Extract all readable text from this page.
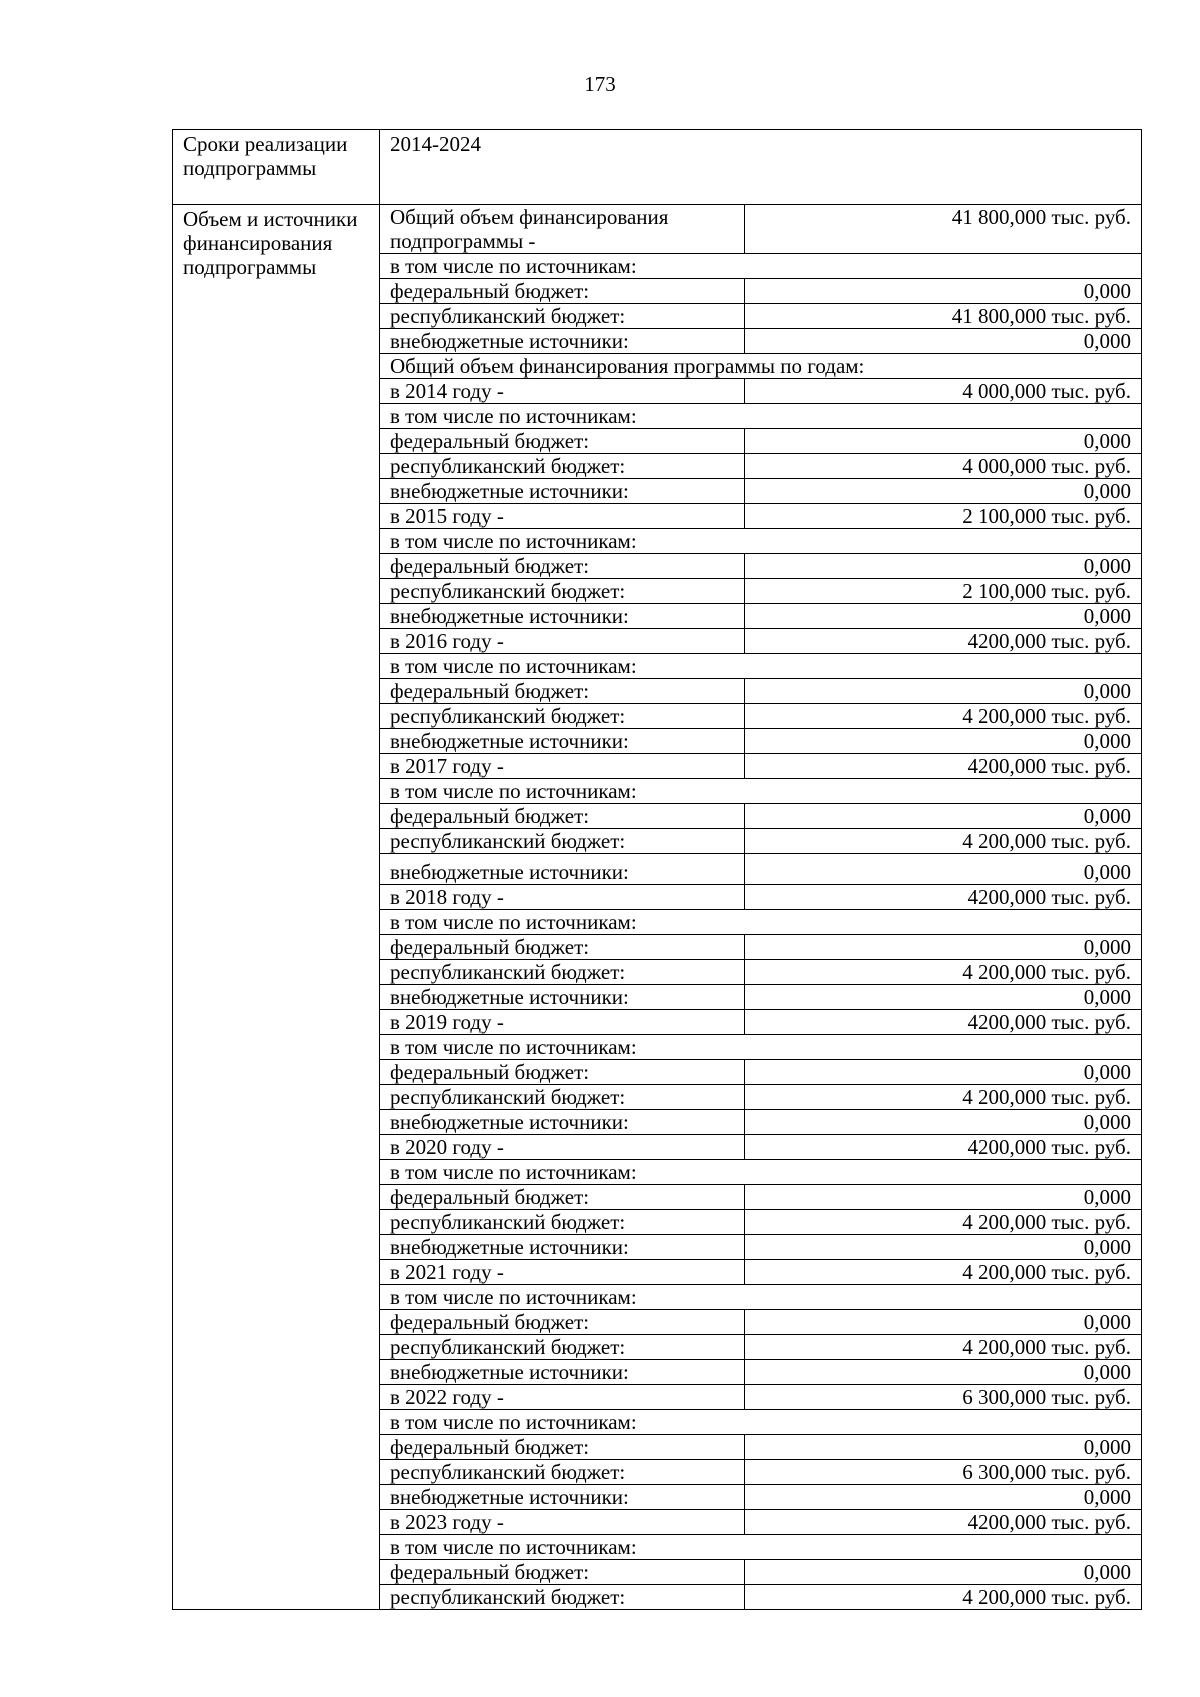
173
Сроки реализации подпрограммы	2014-2024
Объем и источники финансирования подпрограммы	
Общий объем финансирования подпрограммы -	41 800,000 тыс. руб.
в том числе по источникам:
федеральный бюджет:	0,000
республиканский бюджет:	41 800,000 тыс. руб.
внебюджетные источники:	0,000
Общий объем финансирования программы по годам:
в 2014 году -	4 000,000 тыс. руб.
в том числе по источникам:
федеральный бюджет:	0,000
республиканский бюджет:	4 000,000 тыс. руб.
внебюджетные источники:	0,000
в 2015 году -	2 100,000 тыс. руб.
в том числе по источникам:
федеральный бюджет:	0,000
республиканский бюджет:	2 100,000 тыс. руб.
внебюджетные источники:	0,000
в 2016 году -	4200,000 тыс. руб.
в том числе по источникам:
федеральный бюджет:	0,000
республиканский бюджет:	4 200,000 тыс. руб.
внебюджетные источники:	0,000
в 2017 году -	4200,000 тыс. руб.
в том числе по источникам:
федеральный бюджет:	0,000
республиканский бюджет:	4 200,000 тыс. руб.
внебюджетные источники:	0,000
в 2018 году -	4200,000 тыс. руб.
в том числе по источникам:
федеральный бюджет:	0,000
республиканский бюджет:	4 200,000 тыс. руб.
внебюджетные источники:	0,000
в 2019 году -	4200,000 тыс. руб.
в том числе по источникам:
федеральный бюджет:	0,000
республиканский бюджет:	4 200,000 тыс. руб.
внебюджетные источники:	0,000
в 2020 году -	4200,000 тыс. руб.
в том числе по источникам:
федеральный бюджет:	0,000
республиканский бюджет:	4 200,000 тыс. руб.
внебюджетные источники:	0,000
в 2021 году -	4 200,000 тыс. руб.
в том числе по источникам:
федеральный бюджет:	0,000
республиканский бюджет:	4 200,000 тыс. руб.
внебюджетные источники:	0,000
в 2022 году -	6 300,000 тыс. руб.
в том числе по источникам:
федеральный бюджет:	0,000
республиканский бюджет:	6 300,000 тыс. руб.
внебюджетные источники:	0,000
в 2023 году -	4200,000 тыс. руб.
в том числе по источникам:
федеральный бюджет:	0,000
республиканский бюджет:	4 200,000 тыс. руб.
